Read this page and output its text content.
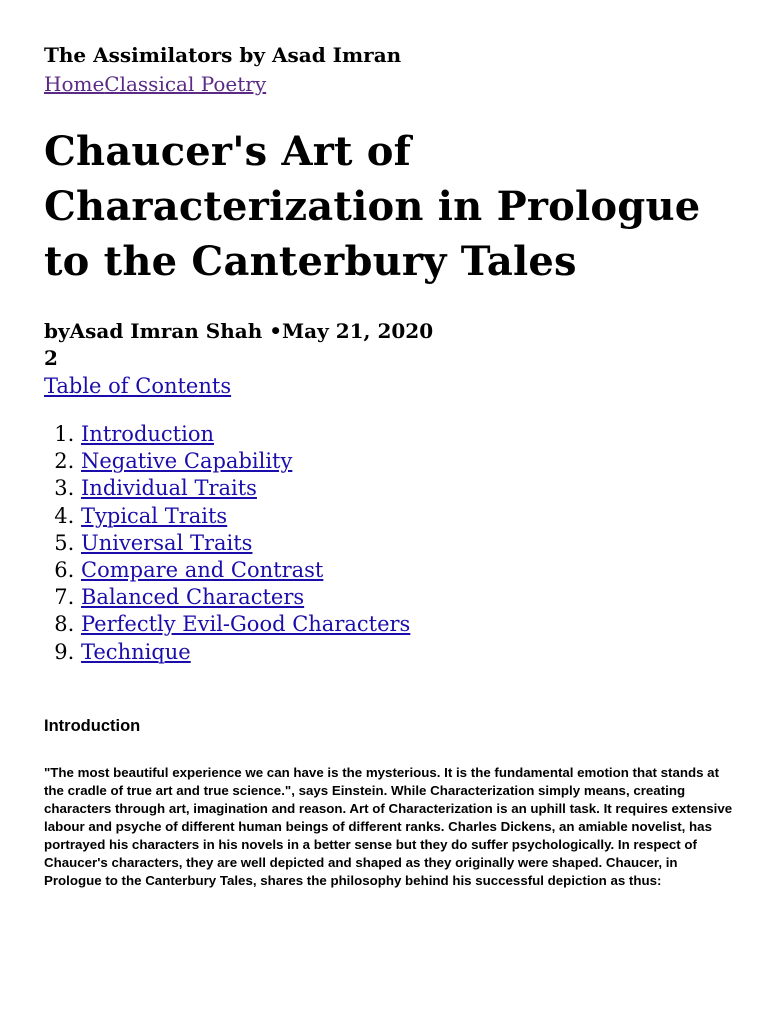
The Assimilators by Asad Imran
HomeClassical Poetry
Chaucer's Art of Characterization in Prologue to the Canterbury Tales
byAsad Imran Shah •May 21, 2020
2
Table of Contents
1. Introduction
2. Negative Capability
3. Individual Traits
4. Typical Traits
5. Universal Traits
6. Compare and Contrast
7. Balanced Characters
8. Perfectly Evil-Good Characters
9. Technique
Introduction

"The most beautiful experience we can have is the mysterious. It is the fundamental emotion that stands at the cradle of true art and true science.", says Einstein. While Characterization simply means, creating characters through art, imagination and reason. Art of Characterization is an uphill task. It requires extensive labour and psyche of different human beings of different ranks. Charles Dickens, an amiable novelist, has portrayed his characters in his novels in a better sense but they do suffer psychologically. In respect of Chaucer's characters, they are well depicted and shaped as they originally were shaped. Chaucer, in Prologue to the Canterbury Tales, shares the philosophy behind his successful depiction as thus:
